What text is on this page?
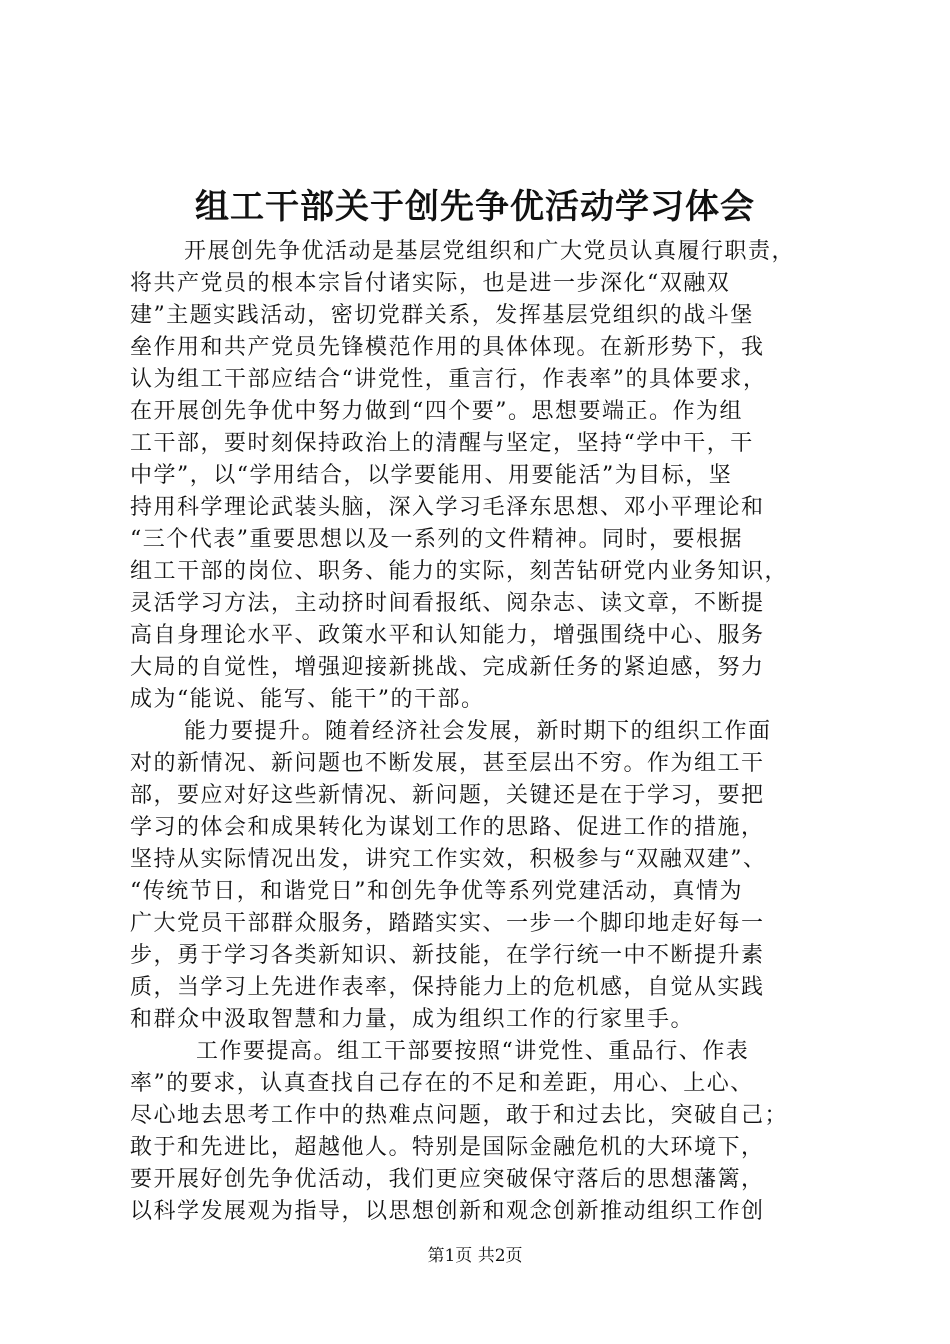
组工干部关于创先争优活动学习体会
开展创先争优活动是基层党组织和广大党员认真履行职责，
将共产党员的根本宗旨付诸实际，也是进一步深化“双融双
建”主题实践活动，密切党群关系，发挥基层党组织的战斗堡
垒作用和共产党员先锋模范作用的具体体现。在新形势下，我
认为组工干部应结合“讲党性，重言行，作表率”的具体要求，
在开展创先争优中努力做到“四个要”。思想要端正。作为组
工干部，要时刻保持政治上的清醒与坚定，坚持“学中干，干
中学”，以“学用结合，以学要能用、用要能活”为目标，坚
持用科学理论武装头脑，深入学习毛泽东思想、邓小平理论和
“三个代表”重要思想以及一系列的文件精神。同时，要根据
组工干部的岗位、职务、能力的实际，刻苦钻研党内业务知识，
灵活学习方法，主动挤时间看报纸、阅杂志、读文章，不断提
高自身理论水平、政策水平和认知能力，增强围绕中心、服务
大局的自觉性，增强迎接新挑战、完成新任务的紧迫感，努力
成为“能说、能写、能干”的干部。
能力要提升。随着经济社会发展，新时期下的组织工作面
对的新情况、新问题也不断发展，甚至层出不穷。作为组工干
部，要应对好这些新情况、新问题，关键还是在于学习，要把
学习的体会和成果转化为谋划工作的思路、促进工作的措施，
坚持从实际情况出发，讲究工作实效，积极参与“双融双建”、
“传统节日，和谐党日”和创先争优等系列党建活动，真情为
广大党员干部群众服务，踏踏实实、一步一个脚印地走好每一
步，勇于学习各类新知识、新技能，在学行统一中不断提升素
质，当学习上先进作表率，保持能力上的危机感，自觉从实践
和群众中汲取智慧和力量，成为组织工作的行家里手。
工作要提高。组工干部要按照“讲党性、重品行、作表
率”的要求，认真查找自己存在的不足和差距，用心、上心、
尽心地去思考工作中的热难点问题，敢于和过去比，突破自己；
敢于和先进比，超越他人。特别是国际金融危机的大环境下，
要开展好创先争优活动，我们更应突破保守落后的思想藩篱，
以科学发展观为指导，以思想创新和观念创新推动组织工作创
第1页 共2页
